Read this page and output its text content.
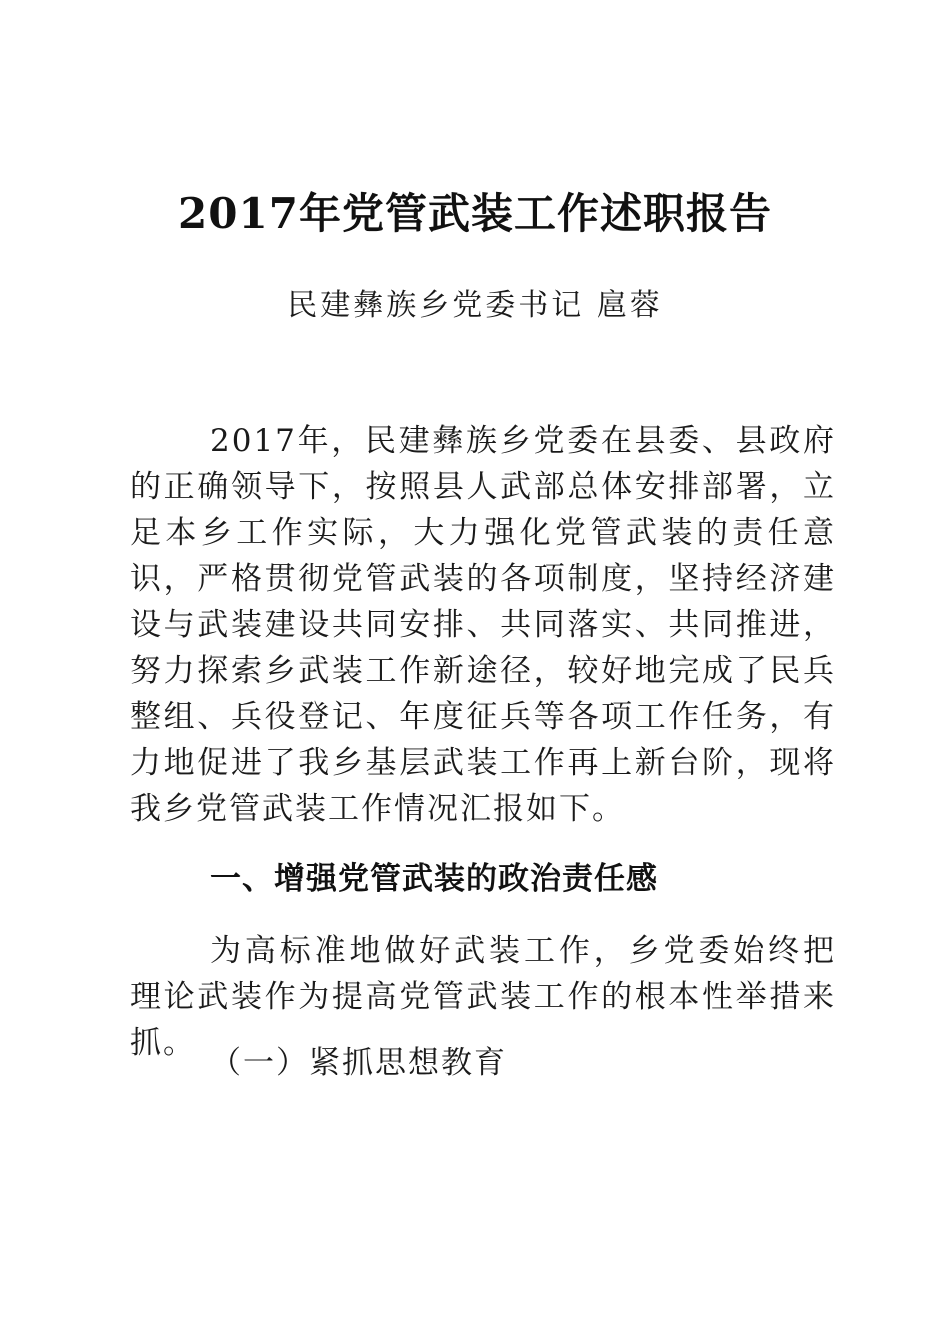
2017年党管武装工作述职报告
民建彝族乡党委书记 扈蓉
2017年，民建彝族乡党委在县委、县政府的正确领导下，按照县人武部总体安排部署，立足本乡工作实际，大力强化党管武装的责任意识，严格贯彻党管武装的各项制度，坚持经济建设与武装建设共同安排、共同落实、共同推进，努力探索乡武装工作新途径，较好地完成了民兵整组、兵役登记、年度征兵等各项工作任务，有力地促进了我乡基层武装工作再上新台阶，现将我乡党管武装工作情况汇报如下。
一、增强党管武装的政治责任感
为高标准地做好武装工作，乡党委始终把理论武装作为提高党管武装工作的根本性举措来抓。
（一）紧抓思想教育
